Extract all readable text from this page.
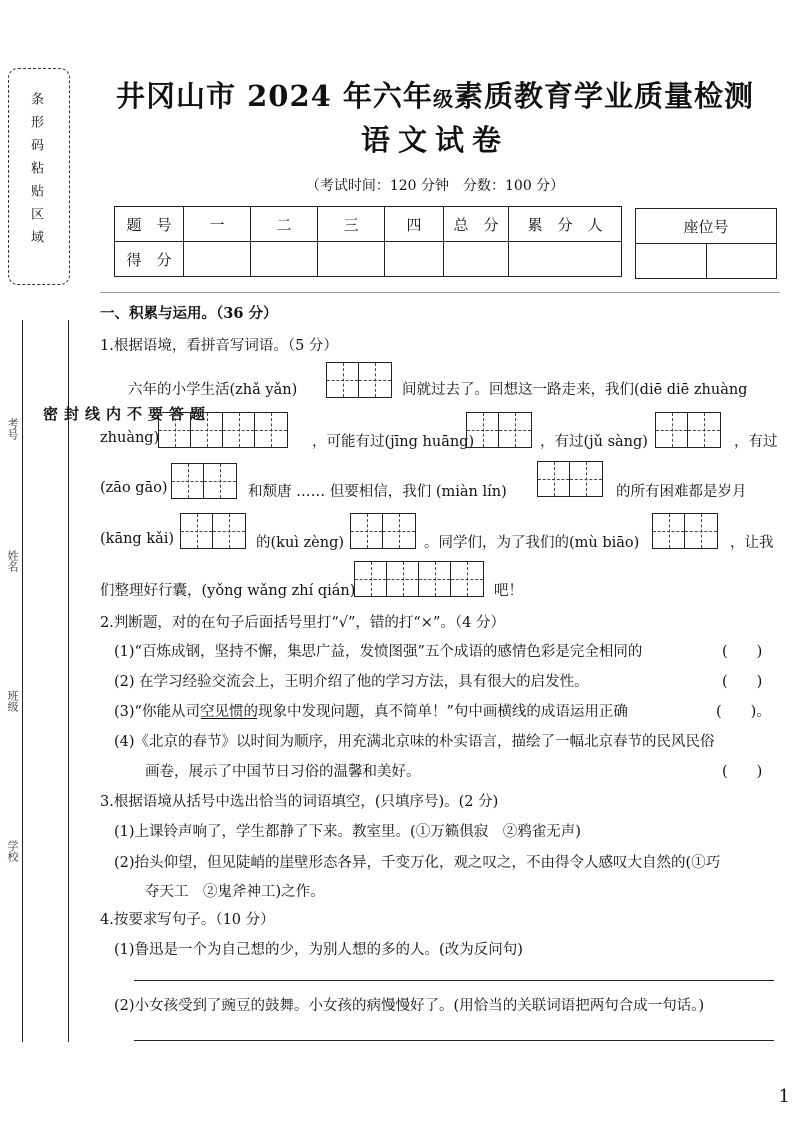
条形码粘贴区域
考号
姓名
班级
学校
题
答
要
不
内
线
封
密
井冈山市 2024 年六年级素质教育学业质量检测
语文试卷
（考试时间：120 分钟　分数：100 分）
题　号	一	二	三	四	总　分	累　分　人
得　分						
座位号

一、积累与运用。（36 分）
1.根据语境，看拼音写词语。（5 分）
六年的小学生活(zhǎ yǎn)	间就过去了。回想这一路走来，我们(diē diē zhuàng
zhuàng)	，可能有过(jīng huāng)	，有过(jǔ sàng)	，有过
(zāo gāo)	和颓唐 …… 但要相信，我们 (miàn lín)	的所有困难都是岁月
(kāng kǎi)	的(kuì zèng)	。同学们，为了我们的(mù biāo)	，让我
们整理好行囊，(yǒng wǎng zhí qián)	吧！
2.判断题，对的在句子后面括号里打“√”，错的打“×”。（4 分）
(1)“百炼成钢，坚持不懈，集思广益，发愤图强”五个成语的感情色彩是完全相同的	(　　)
(2) 在学习经验交流会上，王明介绍了他的学习方法，具有很大的启发性。	(　　)
(3)“你能从司空见惯的现象中发现问题，真不简单！”句中画横线的成语运用正确	(　　)。
(4)《北京的春节》以时间为顺序，用充满北京味的朴实语言，描绘了一幅北京春节的民风民俗
画卷，展示了中国节日习俗的温馨和美好。	(　　)
3.根据语境从括号中选出恰当的词语填空，(只填序号)。(2 分)
(1)上课铃声响了，学生都静了下来。教室里。(①万籁俱寂　②鸦雀无声)
(2)抬头仰望，但见陡峭的崖壁形态各异，千变万化，观之叹之，不由得令人感叹大自然的(①巧
夺天工　②鬼斧神工)之作。
4.按要求写句子。（10 分）
(1)鲁迅是一个为自己想的少，为别人想的多的人。(改为反问句)
(2)小女孩受到了豌豆的鼓舞。小女孩的病慢慢好了。(用恰当的关联词语把两句合成一句话。)
1
